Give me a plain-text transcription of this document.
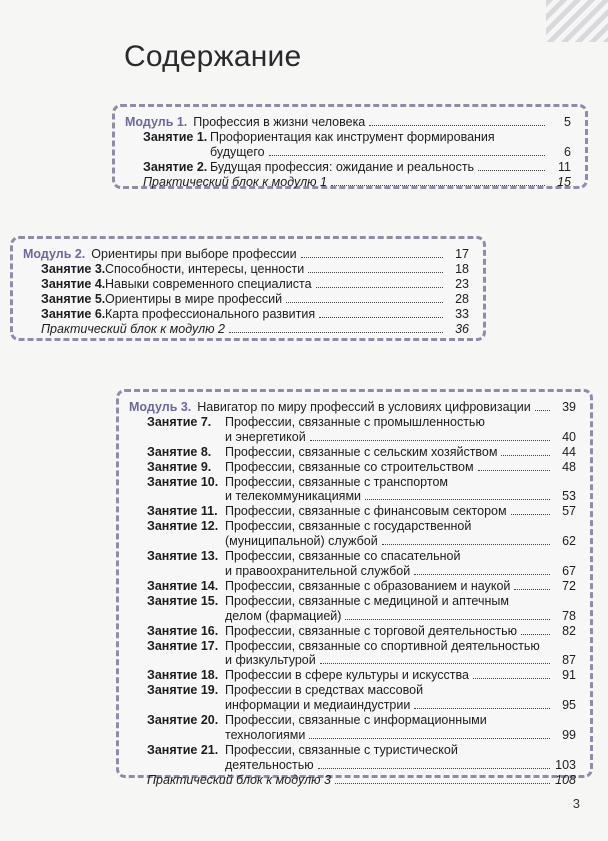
Содержание
Модуль 1. Профессия в жизни человека	5
Занятие 1. Профориентация как инструмент формирования
будущего	6
Занятие 2. Будущая профессия: ожидание и реальность	11
Практический блок к модулю 1	15
Модуль 2. Ориентиры при выборе профессии	17
Занятие 3. Способности, интересы, ценности	18
Занятие 4. Навыки современного специалиста	23
Занятие 5. Ориентиры в мире профессий	28
Занятие 6. Карта профессионального развития	33
Практический блок к модулю 2	36
Модуль 3. Навигатор по миру профессий в условиях цифровизации	39
Занятие 7.	Профессии, связанные с промышленностью
и энергетикой	40
Занятие 8.	Профессии, связанные с сельским хозяйством	44
Занятие 9.	Профессии, связанные со строительством	48
Занятие 10. Профессии, связанные с транспортом
и телекоммуникациями	53
Занятие 11. Профессии, связанные с финансовым сектором	57
Занятие 12. Профессии, связанные с государственной
(муниципальной) службой	62
Занятие 13. Профессии, связанные со спасательной
и правоохранительной службой	67
Занятие 14. Профессии, связанные с образованием и наукой	72
Занятие 15. Профессии, связанные с медициной и аптечным
делом (фармацией)	78
Занятие 16. Профессии, связанные с торговой деятельностью	82
Занятие 17. Профессии, связанные со спортивной деятельностью
и физкультурой	87
Занятие 18. Профессии в сфере культуры и искусства	91
Занятие 19. Профессии в средствах массовой
информации и медиаиндустрии	95
Занятие 20. Профессии, связанные с информационными
технологиями	99
Занятие 21. Профессии, связанные с туристической
деятельностью	103
Практический блок к модулю 3	108
3
